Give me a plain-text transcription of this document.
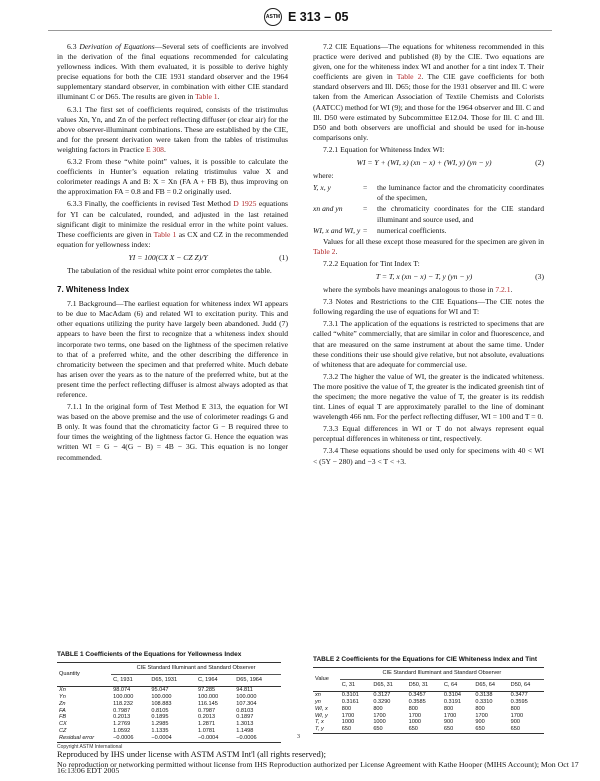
ASTM E 313 – 05

6.3 Derivation of Equations—Several sets of coefficients are involved in the derivation of the final equations recommended for calculating yellowness indices. With them evaluated, it is possible to derive highly precise equations for both the CIE 1931 standard observer and the 1964 supplementary standard observer, in combination with either CIE standard illuminant C or D65. The results are given in Table 1.

6.3.1 The first set of coefficients required, consists of the tristimulus values Xn, Yn, and Zn of the perfect reflecting diffuser (or clear air) for the above observer-illuminant combinations. These are established by the CIE, and for the present derivation were taken from the tables of tristimulus weighting factors in Practice E 308.

6.3.2 From these “white point” values, it is possible to calculate the coefficients in Hunter’s equation relating tristimulus value X and colorimeter readings A and B: X = Xn (FA A + FB B), thus improving on the approximation FA = 0.8 and FB = 0.2 originally used.

6.3.3 Finally, the coefficients in revised Test Method D 1925 equations for YI can be calculated, rounded, and adjusted in the last retained significant digit to minimize the residual error in the white point values. These coefficients are given in Table 1 as CX and CZ in the recommended equation for yellowness index:

YI = 100(CX X − CZ Z)/Y	(1)

The tabulation of the residual white point error completes the table.

7. Whiteness Index

7.1 Background—The earliest equation for whiteness index WI appears to be due to MacAdam (6) and related WI to excitation purity. This and other equations utilizing the purity have largely been abandoned. Judd (7) appears to have been the first to recognize that a whiteness index should incorporate two terms, one based on the lightness of the specimen relative to that of a preferred white, and the other describing the difference in chromaticity between the specimen and that preferred white. Much debate has arisen over the years as to the nature of the preferred white, but at the present time the perfect reflecting diffuser is almost always adopted as that reference.

7.1.1 In the original form of Test Method E 313, the equation for WI was based on the above premise and the use of colorimeter readings G and B only. It was found that the chromaticity factor G − B required three to four times the weighting of the lightness factor G. Hence the equation was written WI = G − 4(G − B) = 4B − 3G. This equation is no longer recommended.

7.2 CIE Equations—The equations for whiteness recommended in this practice were derived and published (8) by the CIE. Two equations are given, one for the whiteness index WI and another for a tint index T. Their coefficients are given in Table 2. The CIE gave coefficients for both standard observers and Ill. D65; those for the 1931 observer and Ill. C were taken from the American Association of Textile Chemists and Colorists (AATCC) method for WI (9); and those for the 1964 observer and Ill. C and Ill. D50 were estimated by Subcommittee E12.04. Those for Ill. C and Ill. D50 and both observers are unofficial and should be used for in-house comparisons only.

7.2.1 Equation for Whiteness Index WI:

WI = Y + (WI, x) (xn − x) + (WI, y) (yn − y)	(2)

where:

Y, x, y	=	the luminance factor and the chromaticity coordinates of the specimen,
xn and yn	=	the chromaticity coordinates for the CIE standard illuminant and source used, and
WI, x and WI, y =	numerical coefficients.

Values for all these except those measured for the specimen are given in Table 2.

7.2.2 Equation for Tint Index T:

T = T, x (xn − x) − T, y (yn − y)	(3)

where the symbols have meanings analogous to those in 7.2.1.

7.3 Notes and Restrictions to the CIE Equations—The CIE notes the following regarding the use of equations for WI and T:

7.3.1 The application of the equations is restricted to specimens that are called “white” commercially, that are similar in color and fluorescence, and that are measured on the same instrument at about the same time. Under these conditions their use should give relative, but not absolute, evaluations of whiteness that are adequate for commercial use.

7.3.2 The higher the value of WI, the greater is the indicated whiteness. The more positive the value of T, the greater is the indicated greenish tint of the specimen; the more negative the value of T, the greater is its reddish tint. Lines of equal T are approximately parallel to the line of dominant wavelength 466 nm. For the perfect reflecting diffuser, WI = 100 and T = 0.

7.3.3 Equal differences in WI or T do not always represent equal perceptual differences in whiteness or tint, respectively.

7.3.4 These equations should be used only for specimens with 40 < WI < (5Y − 280) and −3 < T < +3.

TABLE 1 Coefficients of the Equations for Yellowness Index
Quantity	CIE Standard Illuminant and Standard Observer			
	C, 1931	D65, 1931	C, 1964	D65, 1964
Xn	98.074	95.047	97.285	94.811
Yn	100.000	100.000	100.000	100.000
Zn	118.232	108.883	116.145	107.304
FA	0.7987	0.8105	0.7987	0.8103
FB	0.2013	0.1895	0.2013	0.1897
CX	1.2769	1.2985	1.2871	1.3013
CZ	1.0592	1.1335	1.0781	1.1498
Residual error	−0.0006	−0.0004	−0.0004	−0.0006
TABLE 2 Coefficients for the Equations for CIE Whiteness Index and Tint
Value	CIE Standard Illuminant and Standard Observer					
	C, 31	D65, 31	D50, 31	C, 64	D65, 64	D50, 64
xn	0.3101	0.3127	0.3457	0.3104	0.3138	0.3477
yn	0.3161	0.3290	0.3585	0.3191	0.3310	0.3595
WI, x	800	800	800	800	800	800
WI, y	1700	1700	1700	1700	1700	1700
T, x	1000	1000	1000	900	900	900
T, y	650	650	650	650	650	650
3
Copyright ASTM International
Reproduced by IHS under license with ASTM ASTM Int'l (all rights reserved);
No reproduction or networking permitted without license from IHS Reproduction authorized per License Agreement with Kathe Hooper (MIHS Account); Mon Oct 17 16:13:06 EDT 2005
